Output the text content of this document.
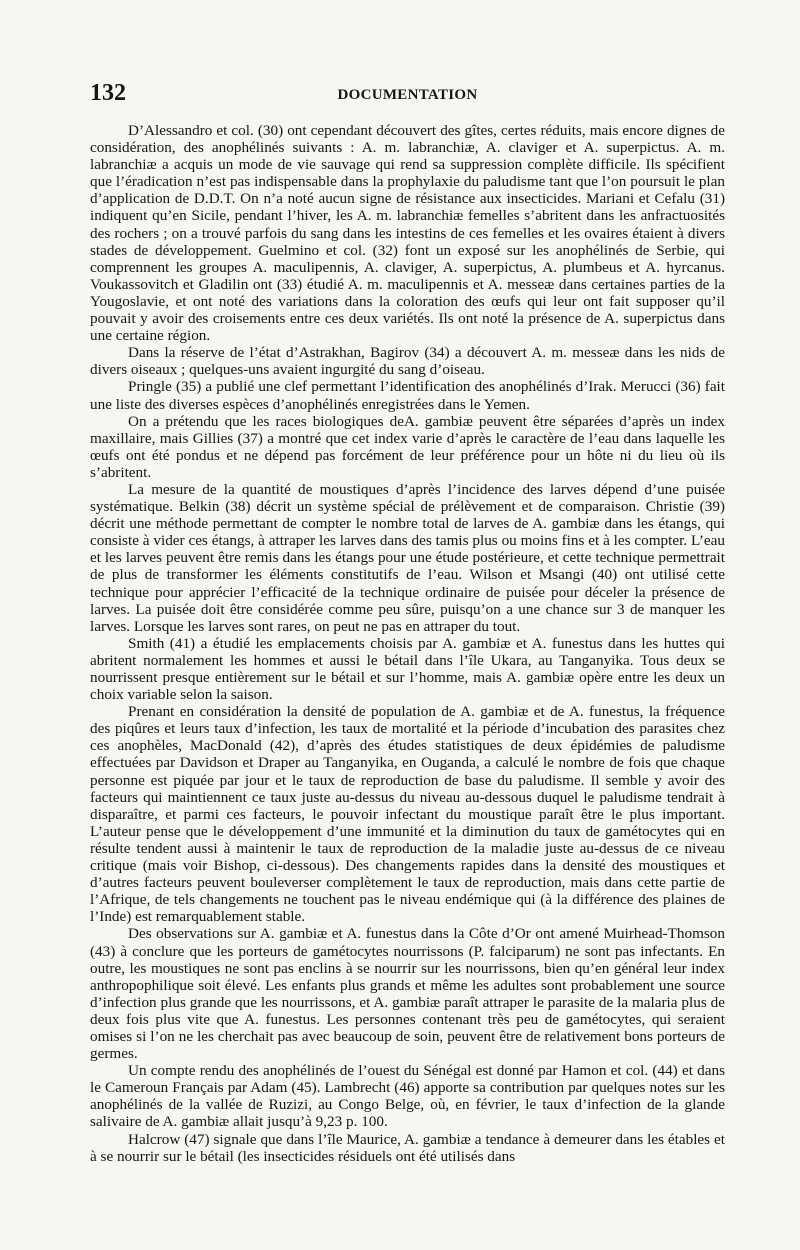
132	DOCUMENTATION

D’Alessandro et col. (30) ont cependant découvert des gîtes, certes réduits, mais encore dignes de considération, des anophélinés suivants : A. m. labranchiæ, A. claviger et A. superpictus. A. m. labranchiæ a acquis un mode de vie sauvage qui rend sa suppression complète difficile. Ils spécifient que l’éradication n’est pas indispensable dans la prophylaxie du paludisme tant que l’on poursuit le plan d’application de D.D.T. On n’a noté aucun signe de résistance aux insecticides. Mariani et Cefalu (31) indiquent qu’en Sicile, pendant l’hiver, les A. m. labranchiæ femelles s’abritent dans les anfractuosités des rochers ; on a trouvé parfois du sang dans les intestins de ces femelles et les ovaires étaient à divers stades de développement. Guelmino et col. (32) font un exposé sur les anophélinés de Serbie, qui comprennent les groupes A. maculipennis, A. claviger, A. superpictus, A. plumbeus et A. hyrcanus. Voukassovitch et Gladilin ont (33) étudié A. m. maculipennis et A. messeæ dans certaines parties de la Yougoslavie, et ont noté des variations dans la coloration des œufs qui leur ont fait supposer qu’il pouvait y avoir des croisements entre ces deux variétés. Ils ont noté la présence de A. superpictus dans une certaine région.

Dans la réserve de l’état d’Astrakhan, Bagirov (34) a découvert A. m. messeæ dans les nids de divers oiseaux ; quelques-uns avaient ingurgité du sang d’oiseau.

Pringle (35) a publié une clef permettant l’identification des anophélinés d’Irak. Merucci (36) fait une liste des diverses espèces d’anophélinés enregistrées dans le Yemen.

On a prétendu que les races biologiques deA. gambiæ peuvent être séparées d’après un index maxillaire, mais Gillies (37) a montré que cet index varie d’après le caractère de l’eau dans laquelle les œufs ont été pondus et ne dépend pas forcément de leur préférence pour un hôte ni du lieu où ils s’abritent.

La mesure de la quantité de moustiques d’après l’incidence des larves dépend d’une puisée systématique. Belkin (38) décrit un système spécial de prélèvement et de comparaison. Christie (39) décrit une méthode permettant de compter le nombre total de larves de A. gambiæ dans les étangs, qui consiste à vider ces étangs, à attraper les larves dans des tamis plus ou moins fins et à les compter. L’eau et les larves peuvent être remis dans les étangs pour une étude postérieure, et cette technique permettrait de plus de transformer les éléments constitutifs de l’eau. Wilson et Msangi (40) ont utilisé cette technique pour apprécier l’efficacité de la technique ordinaire de puisée pour déceler la présence de larves. La puisée doit être considérée comme peu sûre, puisqu’on a une chance sur 3 de manquer les larves. Lorsque les larves sont rares, on peut ne pas en attraper du tout.

Smith (41) a étudié les emplacements choisis par A. gambiæ et A. funestus dans les huttes qui abritent normalement les hommes et aussi le bétail dans l’île Ukara, au Tanganyika. Tous deux se nourrissent presque entièrement sur le bétail et sur l’homme, mais A. gambiæ opère entre les deux un choix variable selon la saison.

Prenant en considération la densité de population de A. gambiæ et de A. funestus, la fréquence des piqûres et leurs taux d’infection, les taux de mortalité et la période d’incubation des parasites chez ces anophèles, MacDonald (42), d’après des études statistiques de deux épidémies de paludisme effectuées par Davidson et Draper au Tanganyika, en Ouganda, a calculé le nombre de fois que chaque personne est piquée par jour et le taux de reproduction de base du paludisme. Il semble y avoir des facteurs qui maintiennent ce taux juste au-dessus du niveau au-dessous duquel le paludisme tendrait à disparaître, et parmi ces facteurs, le pouvoir infectant du moustique paraît être le plus important. L’auteur pense que le développement d’une immunité et la diminution du taux de gamétocytes qui en résulte tendent aussi à maintenir le taux de reproduction de la maladie juste au-dessus de ce niveau critique (mais voir Bishop, ci-dessous). Des changements rapides dans la densité des moustiques et d’autres facteurs peuvent bouleverser complètement le taux de reproduction, mais dans cette partie de l’Afrique, de tels changements ne touchent pas le niveau endémique qui (à la différence des plaines de l’Inde) est remarquablement stable.

Des observations sur A. gambiæ et A. funestus dans la Côte d’Or ont amené Muirhead-Thomson (43) à conclure que les porteurs de gamétocytes nourrissons (P. falciparum) ne sont pas infectants. En outre, les moustiques ne sont pas enclins à se nourrir sur les nourrissons, bien qu’en général leur index anthropophilique soit élevé. Les enfants plus grands et même les adultes sont probablement une source d’infection plus grande que les nourrissons, et A. gambiæ paraît attraper le parasite de la malaria plus de deux fois plus vite que A. funestus. Les personnes contenant très peu de gamétocytes, qui seraient omises si l’on ne les cherchait pas avec beaucoup de soin, peuvent être de relativement bons porteurs de germes.

Un compte rendu des anophélinés de l’ouest du Sénégal est donné par Hamon et col. (44) et dans le Cameroun Français par Adam (45). Lambrecht (46) apporte sa contribution par quelques notes sur les anophélinés de la vallée de Ruzizi, au Congo Belge, où, en février, le taux d’infection de la glande salivaire de A. gambiæ allait jusqu’à 9,23 p. 100.

Halcrow (47) signale que dans l’île Maurice, A. gambiæ a tendance à demeurer dans les étables et à se nourrir sur le bétail (les insecticides résiduels ont été utilisés dans
